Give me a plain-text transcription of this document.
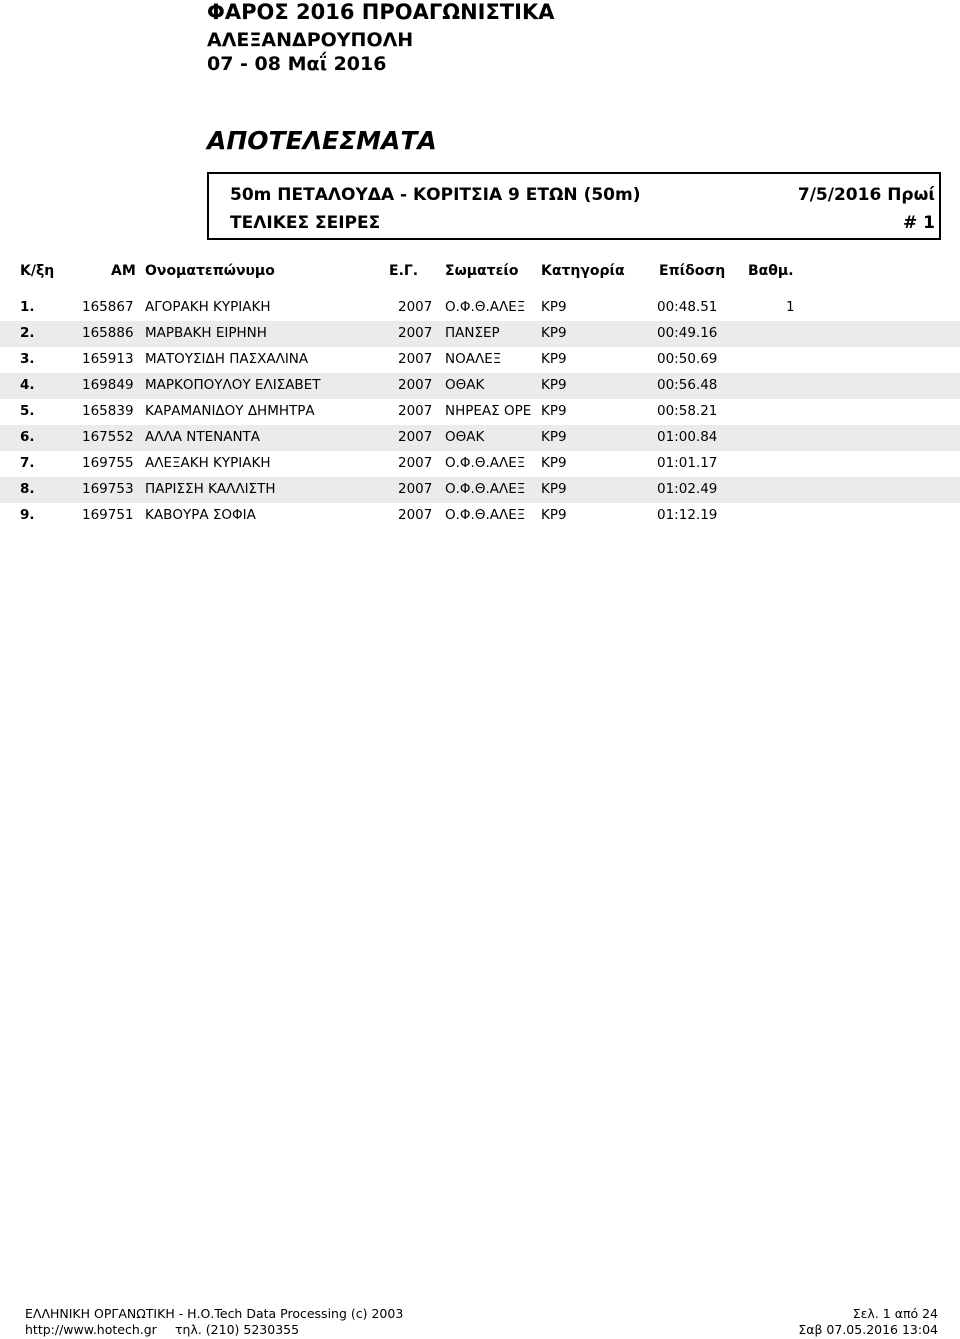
ΦΑΡΟΣ 2016 ΠΡΟΑΓΩΝΙΣΤΙΚΑ
ΑΛΕΞΑΝΔΡΟΥΠΟΛΗ
07 - 08 Μαΐ 2016
ΑΠΟΤΕΛΕΣΜΑΤΑ
50m ΠΕΤΑΛΟΥΔΑ - ΚΟΡΙΤΣΙΑ 9 ΕΤΩΝ (50m)	7/5/2016 Πρωί
ΤΕΛΙΚΕΣ ΣΕΙΡΕΣ	# 1
Κ/ξη	ΑΜ Ονοματεπώνυμο	Ε.Γ. Σωματείο Κατηγορία Επίδοση Βαθμ.
1.	165867 ΑΓΟΡΑΚΗ ΚΥΡΙΑΚΗ	2007 Ο.Φ.Θ.ΑΛΕΞ	ΚΡ9	00:48.51	1
2.	165886 ΜΑΡΒΑΚΗ ΕΙΡΗΝΗ	2007 ΠΑΝΣΕΡ	ΚΡ9	00:49.16
3.	165913 ΜΑΤΟΥΣΙΔΗ ΠΑΣΧΑΛΙΝΑ	2007 ΝΟΑΛΕΞ	ΚΡ9	00:50.69
4.	169849 ΜΑΡΚΟΠΟΥΛΟΥ ΕΛΙΣΑΒΕΤ	2007 ΟΘΑΚ	ΚΡ9	00:56.48
5.	165839 ΚΑΡΑΜΑΝΙΔΟΥ ΔΗΜΗΤΡΑ	2007 ΝΗΡΕΑΣ ΟΡΕ ΚΡ9	00:58.21
6.	167552 ΑΛΛΑ ΝΤΕΝΑΝΤΑ	2007 ΟΘΑΚ	ΚΡ9	01:00.84
7.	169755 ΑΛΕΞΑΚΗ ΚΥΡΙΑΚΗ	2007 Ο.Φ.Θ.ΑΛΕΞ	ΚΡ9	01:01.17
8.	169753 ΠΑΡΙΣΣΗ ΚΑΛΛΙΣΤΗ	2007 Ο.Φ.Θ.ΑΛΕΞ	ΚΡ9	01:02.49
9.	169751 ΚΑΒΟΥΡΑ ΣΟΦΙΑ	2007 Ο.Φ.Θ.ΑΛΕΞ	ΚΡ9	01:12.19
ΕΛΛΗΝΙΚΗ ΟΡΓΑΝΩΤΙΚΗ - Η.Ο.Tech Data Processing (c) 2003
http://www.hotech.gr τηλ. (210) 5230355
Σελ. 1 από 24
Σαβ 07.05.2016 13:04
